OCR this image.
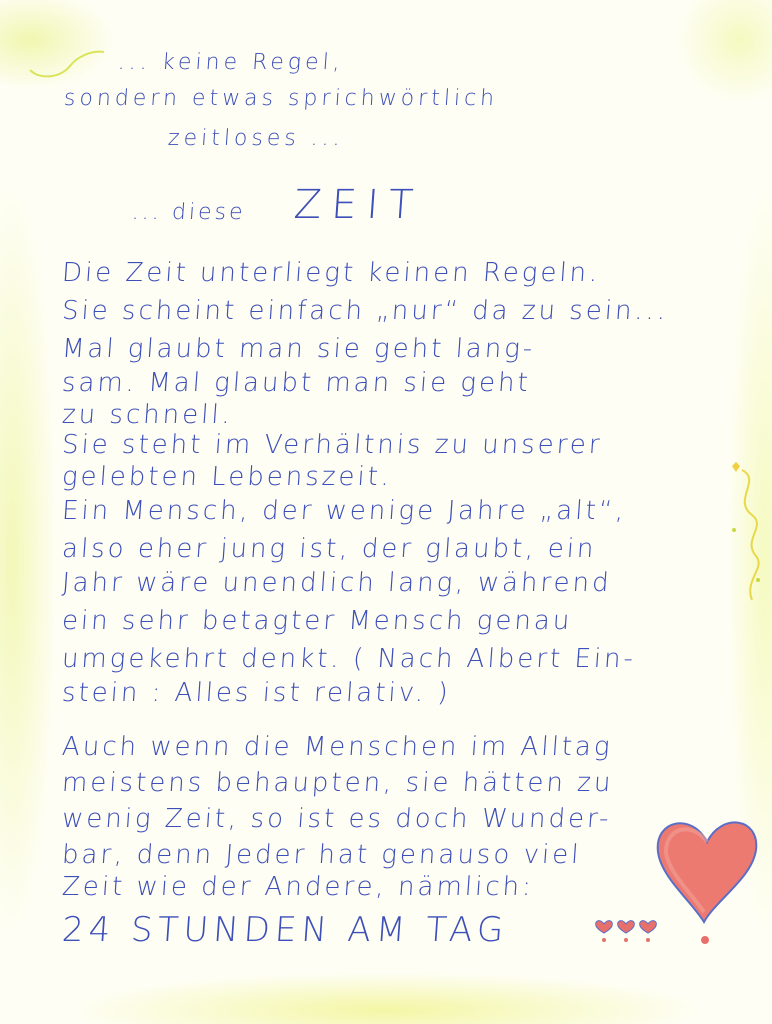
... keine Regel,
sondern etwas sprichwörtlich
zeitloses ...
... diese ZEIT
Die Zeit unterliegt keinen Regeln.
Sie scheint einfach „nur“ da zu sein...
Mal glaubt man sie geht lang-
sam. Mal glaubt man sie geht
zu schnell.
Sie steht im Verhältnis zu unserer
gelebten Lebenszeit.
Ein Mensch, der wenige Jahre „alt“,
also eher jung ist, der glaubt, ein
Jahr wäre unendlich lang, während
ein sehr betagter Mensch genau
umgekehrt denkt. ( Nach Albert Ein-
stein : Alles ist relativ. )
Auch wenn die Menschen im Alltag
meistens behaupten, sie hätten zu
wenig Zeit, so ist es doch Wunder-
bar, denn Jeder hat genauso viel
Zeit wie der Andere, nämlich:
24 STUNDEN AM TAG
